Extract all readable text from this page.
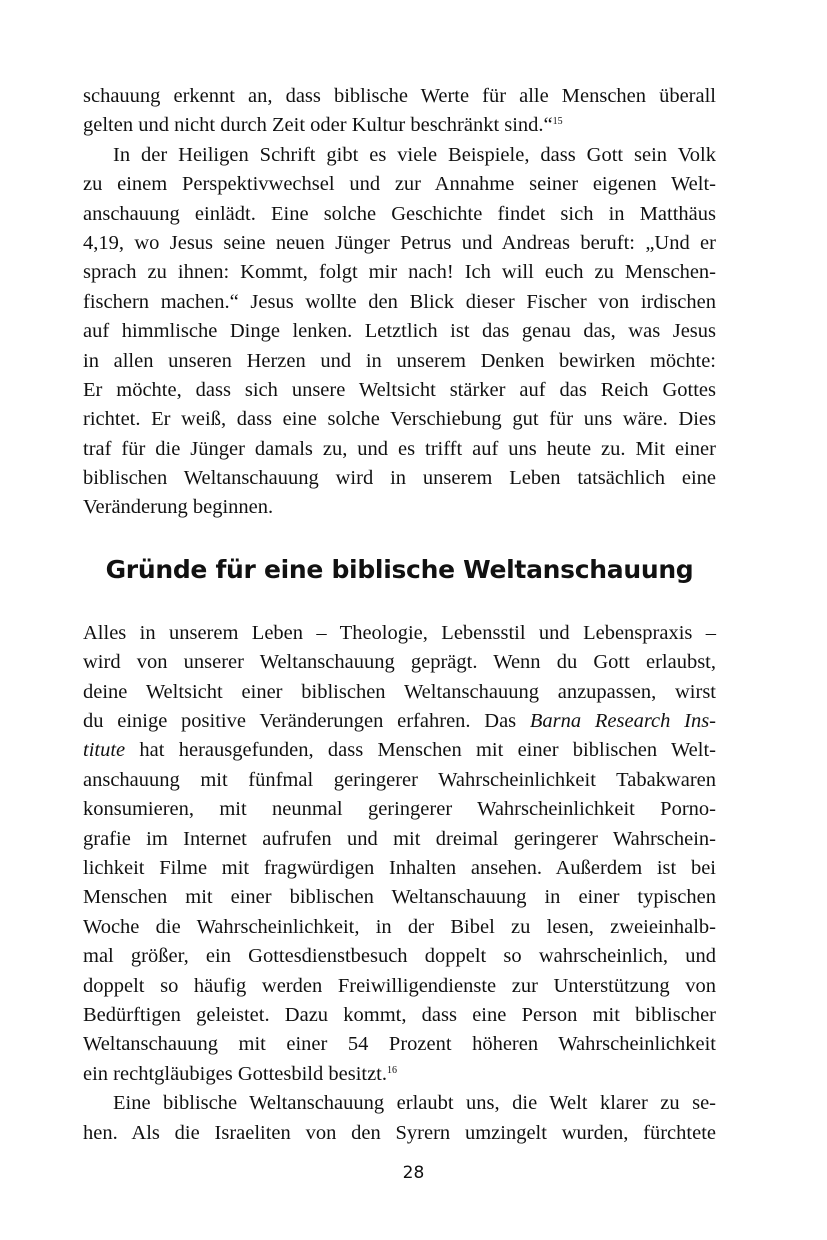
schauung erkennt an, dass biblische Werte für alle Menschen überall
gelten und nicht durch Zeit oder Kultur beschränkt sind.“$^{15}$
In der Heiligen Schrift gibt es viele Beispiele, dass Gott sein Volk
zu einem Perspektivwechsel und zur Annahme seiner eigenen Welt-
anschauung einlädt. Eine solche Geschichte findet sich in Matthäus
4,19, wo Jesus seine neuen Jünger Petrus und Andreas beruft: „Und er
sprach zu ihnen: Kommt, folgt mir nach! Ich will euch zu Menschen-
fischern machen.“ Jesus wollte den Blick dieser Fischer von irdischen
auf himmlische Dinge lenken. Letztlich ist das genau das, was Jesus
in allen unseren Herzen und in unserem Denken bewirken möchte:
Er möchte, dass sich unsere Weltsicht stärker auf das Reich Gottes
richtet. Er weiß, dass eine solche Verschiebung gut für uns wäre. Dies
traf für die Jünger damals zu, und es trifft auf uns heute zu. Mit einer
biblischen Weltanschauung wird in unserem Leben tatsächlich eine
Veränderung beginnen.
Gründe für eine biblische Weltanschauung
Alles in unserem Leben – Theologie, Lebensstil und Lebenspraxis –
wird von unserer Weltanschauung geprägt. Wenn du Gott erlaubst,
deine Weltsicht einer biblischen Weltanschauung anzupassen, wirst
du einige positive Veränderungen erfahren. Das Barna Research Ins-
titute hat herausgefunden, dass Menschen mit einer biblischen Welt-
anschauung mit fünfmal geringerer Wahrscheinlichkeit Tabakwaren
konsumieren, mit neunmal geringerer Wahrscheinlichkeit Porno-
grafie im Internet aufrufen und mit dreimal geringerer Wahrschein-
lichkeit Filme mit fragwürdigen Inhalten ansehen. Außerdem ist bei
Menschen mit einer biblischen Weltanschauung in einer typischen
Woche die Wahrscheinlichkeit, in der Bibel zu lesen, zweieinhalb-
mal größer, ein Gottesdienstbesuch doppelt so wahrscheinlich, und
doppelt so häufig werden Freiwilligendienste zur Unterstützung von
Bedürftigen geleistet. Dazu kommt, dass eine Person mit biblischer
Weltanschauung mit einer 54 Prozent höheren Wahrscheinlichkeit
ein rechtgläubiges Gottesbild besitzt.$^{16}$
Eine biblische Weltanschauung erlaubt uns, die Welt klarer zu se-
hen. Als die Israeliten von den Syrern umzingelt wurden, fürchtete
28
